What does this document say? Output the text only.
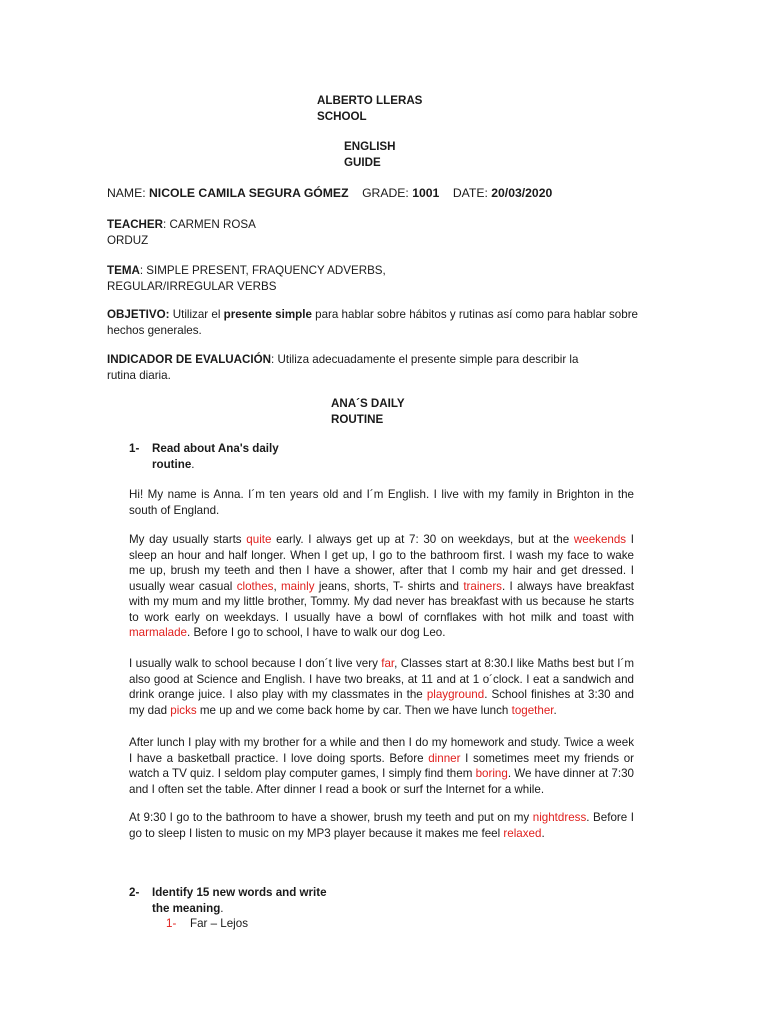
ALBERTO LLERAS
SCHOOL
ENGLISH
GUIDE
NAME: NICOLE CAMILA SEGURA GÓMEZ GRADE: 1001 DATE: 20/03/2020
TEACHER: CARMEN ROSA
ORDUZ
TEMA: SIMPLE PRESENT, FRAQUENCY ADVERBS,
REGULAR/IRREGULAR VERBS
OBJETIVO: Utilizar el presente simple para hablar sobre hábitos y rutinas así como para hablar sobre
hechos generales.
INDICADOR DE EVALUACIÓN: Utiliza adecuadamente el presente simple para describir la
rutina diaria.
ANA´S DAILY
ROUTINE
1- Read about Ana's daily
routine.
Hi! My name is Anna. I´m ten years old and I´m English. I live with my family in Brighton in the south of England.
My day usually starts quite early. I always get up at 7: 30 on weekdays, but at the weekends I sleep an hour and half longer. When I get up, I go to the bathroom first. I wash my face to wake me up, brush my teeth and then I have a shower, after that I comb my hair and get dressed. I usually wear casual clothes, mainly jeans, shorts, T- shirts and trainers. I always have breakfast with my mum and my little brother, Tommy. My dad never has breakfast with us because he starts to work early on weekdays. I usually have a bowl of cornflakes with hot milk and toast with marmalade. Before I go to school, I have to walk our dog Leo.
I usually walk to school because I don´t live very far, Classes start at 8:30.I like Maths best but I´m also good at Science and English. I have two breaks, at 11 and at 1 o´clock. I eat a sandwich and drink orange juice. I also play with my classmates in the playground. School finishes at 3:30 and my dad picks me up and we come back home by car. Then we have lunch together.
After lunch I play with my brother for a while and then I do my homework and study. Twice a week I have a basketball practice. I love doing sports. Before dinner I sometimes meet my friends or watch a TV quiz. I seldom play computer games, I simply find them boring. We have dinner at 7:30 and I often set the table. After dinner I read a book or surf the Internet for a while.
At 9:30 I go to the bathroom to have a shower, brush my teeth and put on my nightdress. Before I go to sleep I listen to music on my MP3 player because it makes me feel relaxed.
2- Identify 15 new words and write
the meaning.
1- Far – Lejos
